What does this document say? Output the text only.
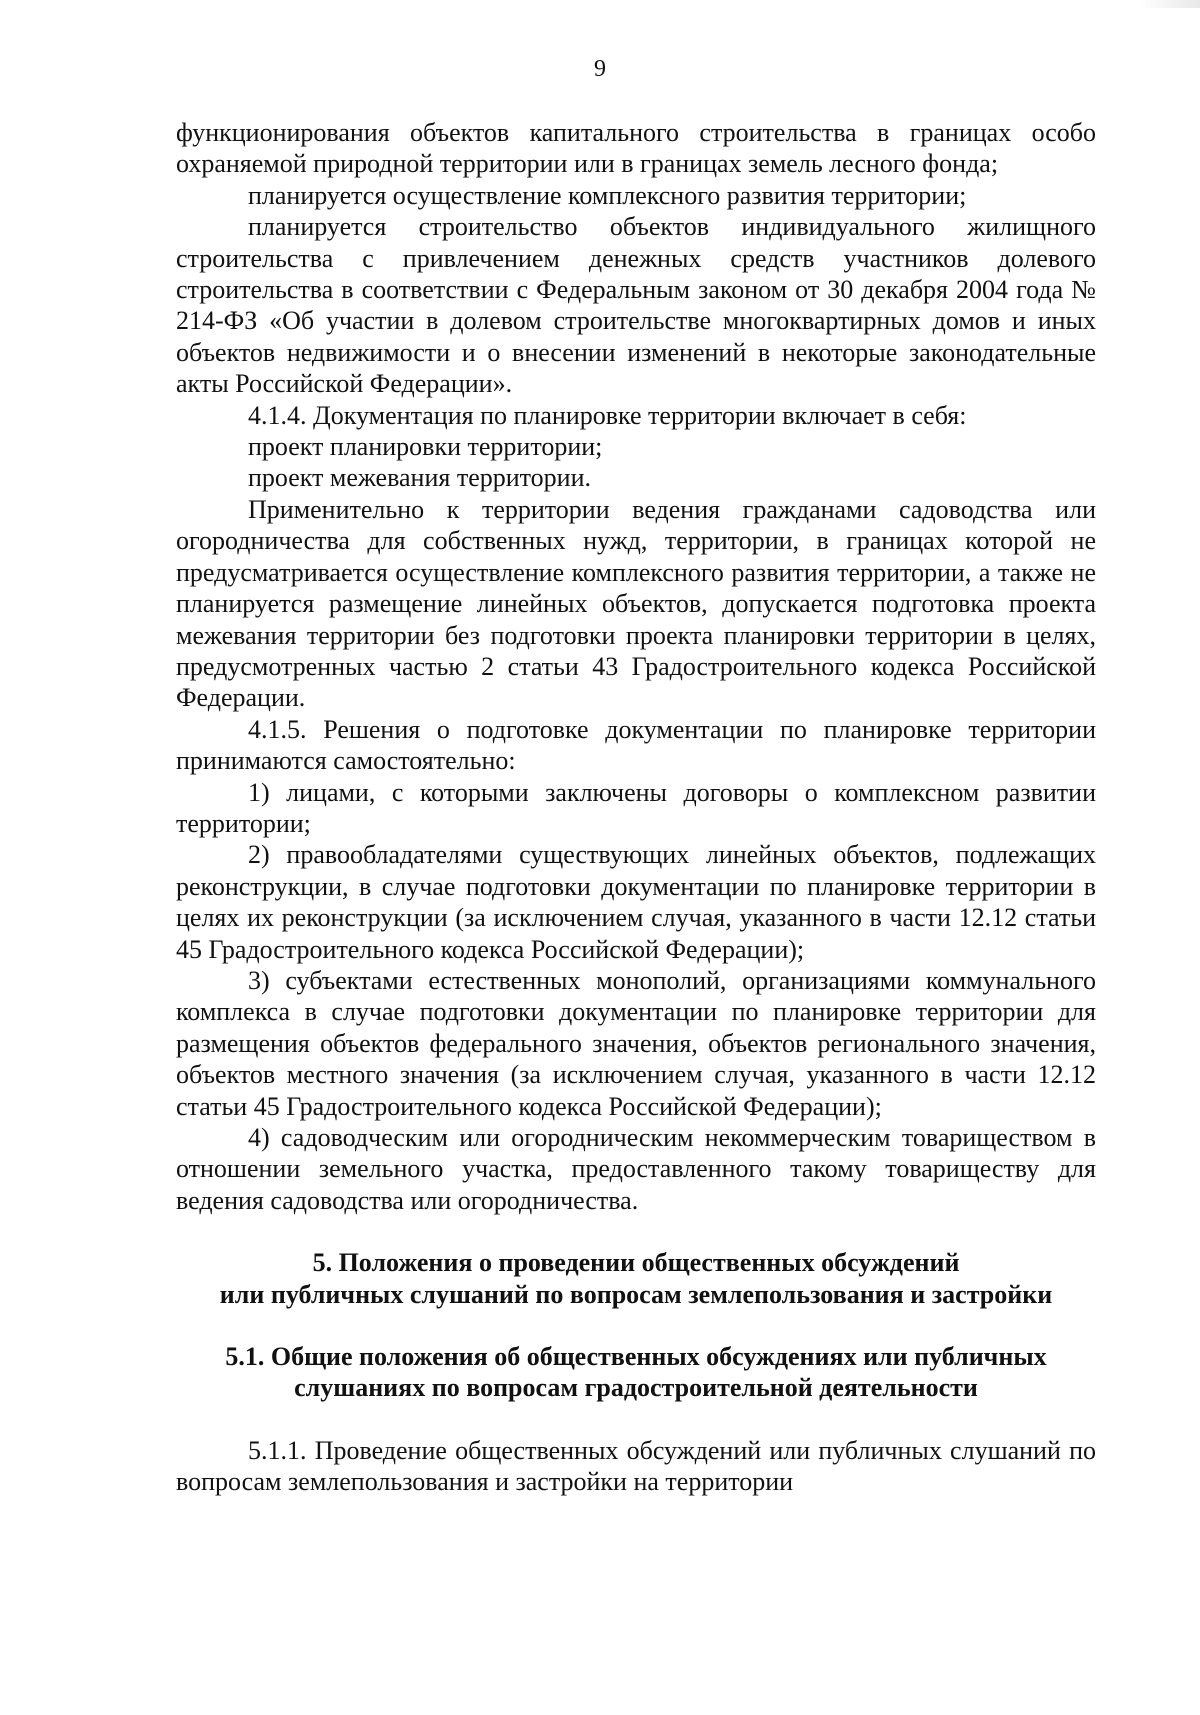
9

функционирования объектов капитального строительства в границах особо охраняемой природной территории или в границах земель лесного фонда;

планируется осуществление комплексного развития территории;

планируется строительство объектов индивидуального жилищного строительства с привлечением денежных средств участников долевого строительства в соответствии с Федеральным законом от 30 декабря 2004 года № 214-ФЗ «Об участии в долевом строительстве многоквартирных домов и иных объектов недвижимости и о внесении изменений в некоторые законодательные акты Российской Федерации».

4.1.4. Документация по планировке территории включает в себя:

проект планировки территории;

проект межевания территории.

Применительно к территории ведения гражданами садоводства или огородничества для собственных нужд, территории, в границах которой не предусматривается осуществление комплексного развития территории, а также не планируется размещение линейных объектов, допускается подготовка проекта межевания территории без подготовки проекта планировки территории в целях, предусмотренных частью 2 статьи 43 Градостроительного кодекса Российской Федерации.

4.1.5. Решения о подготовке документации по планировке территории принимаются самостоятельно:

1) лицами, с которыми заключены договоры о комплексном развитии территории;

2) правообладателями существующих линейных объектов, подлежащих реконструкции, в случае подготовки документации по планировке территории в целях их реконструкции (за исключением случая, указанного в части 12.12 статьи 45 Градостроительного кодекса Российской Федерации);

3) субъектами естественных монополий, организациями коммунального комплекса в случае подготовки документации по планировке территории для размещения объектов федерального значения, объектов регионального значения, объектов местного значения (за исключением случая, указанного в части 12.12 статьи 45 Градостроительного кодекса Российской Федерации);

4) садоводческим или огородническим некоммерческим товариществом в отношении земельного участка, предоставленного такому товариществу для ведения садоводства или огородничества.

5. Положения о проведении общественных обсуждений
или публичных слушаний по вопросам землепользования и застройки
5.1. Общие положения об общественных обсуждениях или публичных
слушаниях по вопросам градостроительной деятельности

5.1.1. Проведение общественных обсуждений или публичных слушаний по вопросам землепользования и застройки на территории
